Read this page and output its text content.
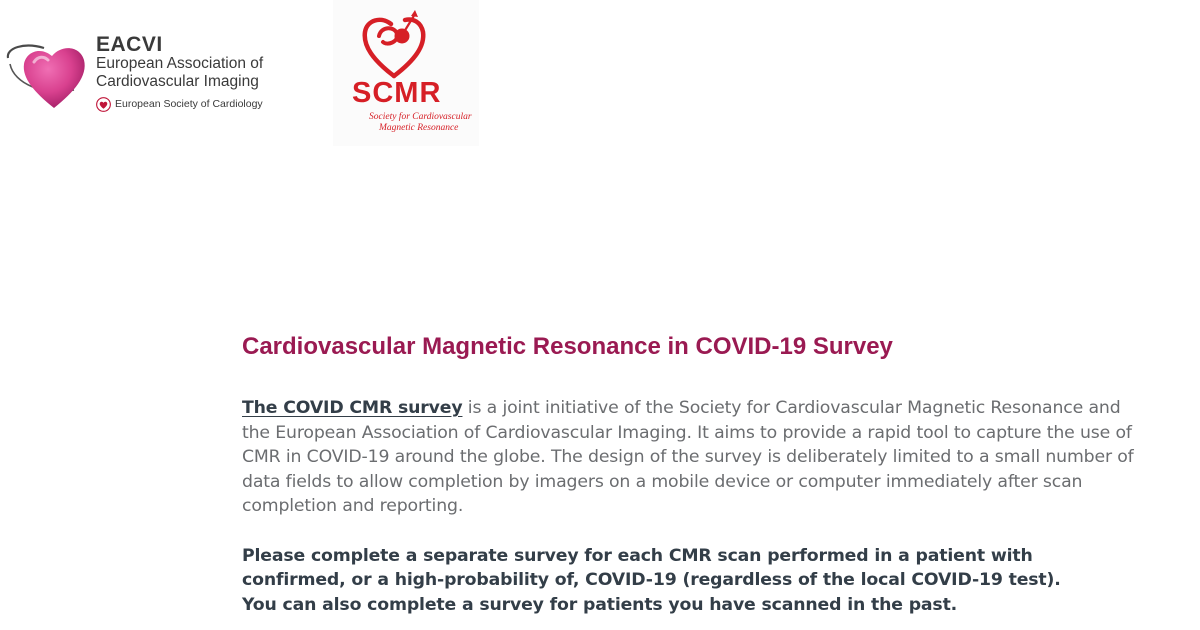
EACVI
European Association of
Cardiovascular Imaging
European Society of Cardiology	SCMR
Society for Cardiovascular
Magnetic Resonance
Cardiovascular Magnetic Resonance in COVID-19 Survey

The COVID CMR survey is a joint initiative of the Society for Cardiovascular Magnetic Resonance and the European Association of Cardiovascular Imaging. It aims to provide a rapid tool to capture the use of CMR in COVID-19 around the globe. The design of the survey is deliberately limited to a small number of data fields to allow completion by imagers on a mobile device or computer immediately after scan completion and reporting.

Please complete a separate survey for each CMR scan performed in a patient with confirmed, or a high-probability of, COVID-19 (regardless of the local COVID-19 test).
You can also complete a survey for patients you have scanned in the past.
